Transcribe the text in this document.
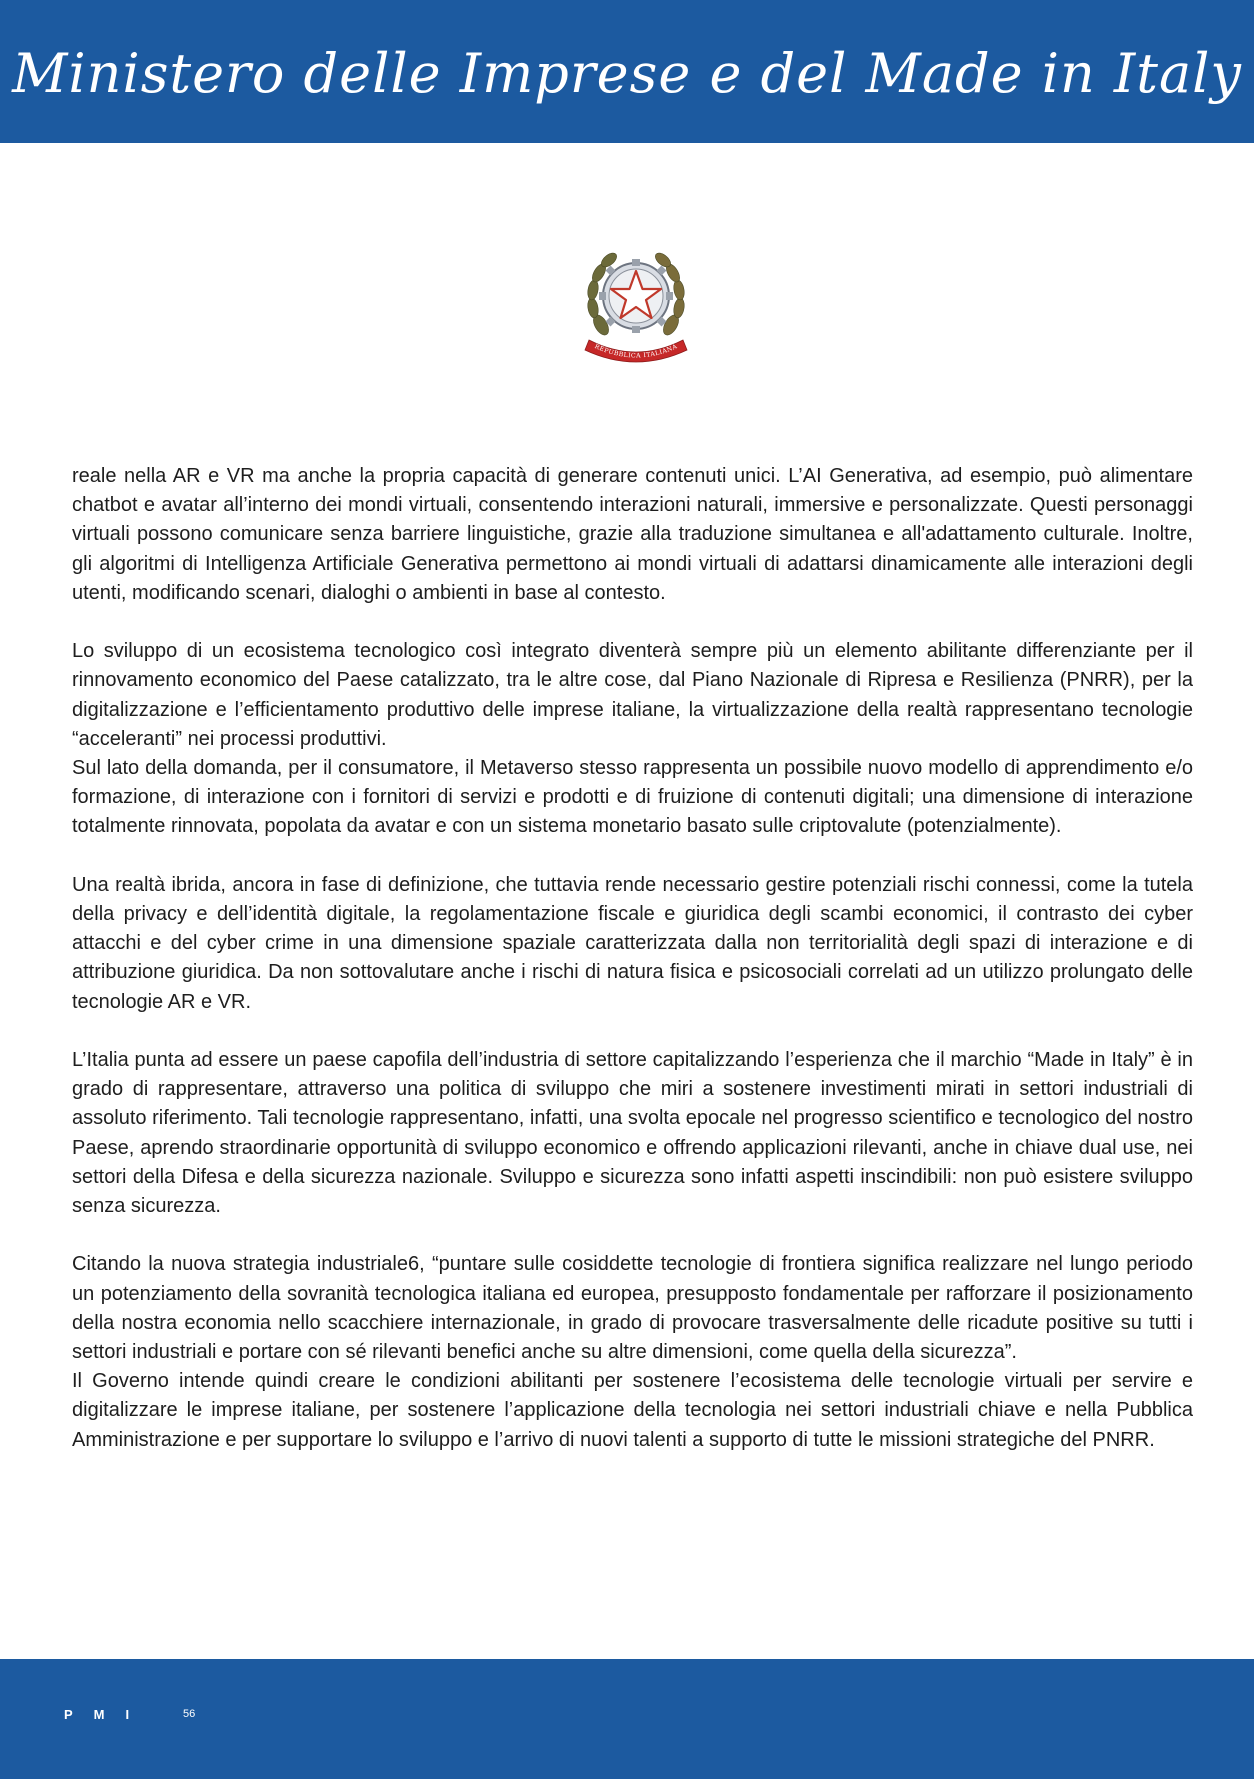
Ministero delle Imprese e del Made in Italy
REPUBBLICA ITALIANA

reale nella AR e VR ma anche la propria capacità di generare contenuti unici. L’AI Generativa, ad esempio, può alimentare chatbot e avatar all’interno dei mondi virtuali, consentendo interazioni naturali, immersive e personalizzate. Questi personaggi virtuali possono comunicare senza barriere linguistiche, grazie alla traduzione simultanea e all'adattamento culturale. Inoltre, gli algoritmi di Intelligenza Artificiale Generativa permettono ai mondi virtuali di adattarsi dinamicamente alle interazioni degli utenti, modificando scenari, dialoghi o ambienti in base al contesto.

Lo sviluppo di un ecosistema tecnologico così integrato diventerà sempre più un elemento abilitante differenziante per il rinnovamento economico del Paese catalizzato, tra le altre cose, dal Piano Nazionale di Ripresa e Resilienza (PNRR), per la digitalizzazione e l’efficientamento produttivo delle imprese italiane, la virtualizzazione della realtà rappresentano tecnologie “acceleranti” nei processi produttivi.

Sul lato della domanda, per il consumatore, il Metaverso stesso rappresenta un possibile nuovo modello di apprendimento e/o formazione, di interazione con i fornitori di servizi e prodotti e di fruizione di contenuti digitali; una dimensione di interazione totalmente rinnovata, popolata da avatar e con un sistema monetario basato sulle criptovalute (potenzialmente).

Una realtà ibrida, ancora in fase di definizione, che tuttavia rende necessario gestire potenziali rischi connessi, come la tutela della privacy e dell’identità digitale, la regolamentazione fiscale e giuridica degli scambi economici, il contrasto dei cyber attacchi e del cyber crime in una dimensione spaziale caratterizzata dalla non territorialità degli spazi di interazione e di attribuzione giuridica. Da non sottovalutare anche i rischi di natura fisica e psicosociali correlati ad un utilizzo prolungato delle tecnologie AR e VR.

L’Italia punta ad essere un paese capofila dell’industria di settore capitalizzando l’esperienza che il marchio “Made in Italy” è in grado di rappresentare, attraverso una politica di sviluppo che miri a sostenere investimenti mirati in settori industriali di assoluto riferimento. Tali tecnologie rappresentano, infatti, una svolta epocale nel progresso scientifico e tecnologico del nostro Paese, aprendo straordinarie opportunità di sviluppo economico e offrendo applicazioni rilevanti, anche in chiave dual use, nei settori della Difesa e della sicurezza nazionale. Sviluppo e sicurezza sono infatti aspetti inscindibili: non può esistere sviluppo senza sicurezza.

Citando la nuova strategia industriale6, “puntare sulle cosiddette tecnologie di frontiera significa realizzare nel lungo periodo un potenziamento della sovranità tecnologica italiana ed europea, presupposto fondamentale per rafforzare il posizionamento della nostra economia nello scacchiere internazionale, in grado di provocare trasversalmente delle ricadute positive su tutti i settori industriali e portare con sé rilevanti benefici anche su altre dimensioni, come quella della sicurezza”.

Il Governo intende quindi creare le condizioni abilitanti per sostenere l’ecosistema delle tecnologie virtuali per servire e digitalizzare le imprese italiane, per sostenere l’applicazione della tecnologia nei settori industriali chiave e nella Pubblica Amministrazione e per supportare lo sviluppo e l’arrivo di nuovi talenti a supporto di tutte le missioni strategiche del PNRR.

PMI	56
